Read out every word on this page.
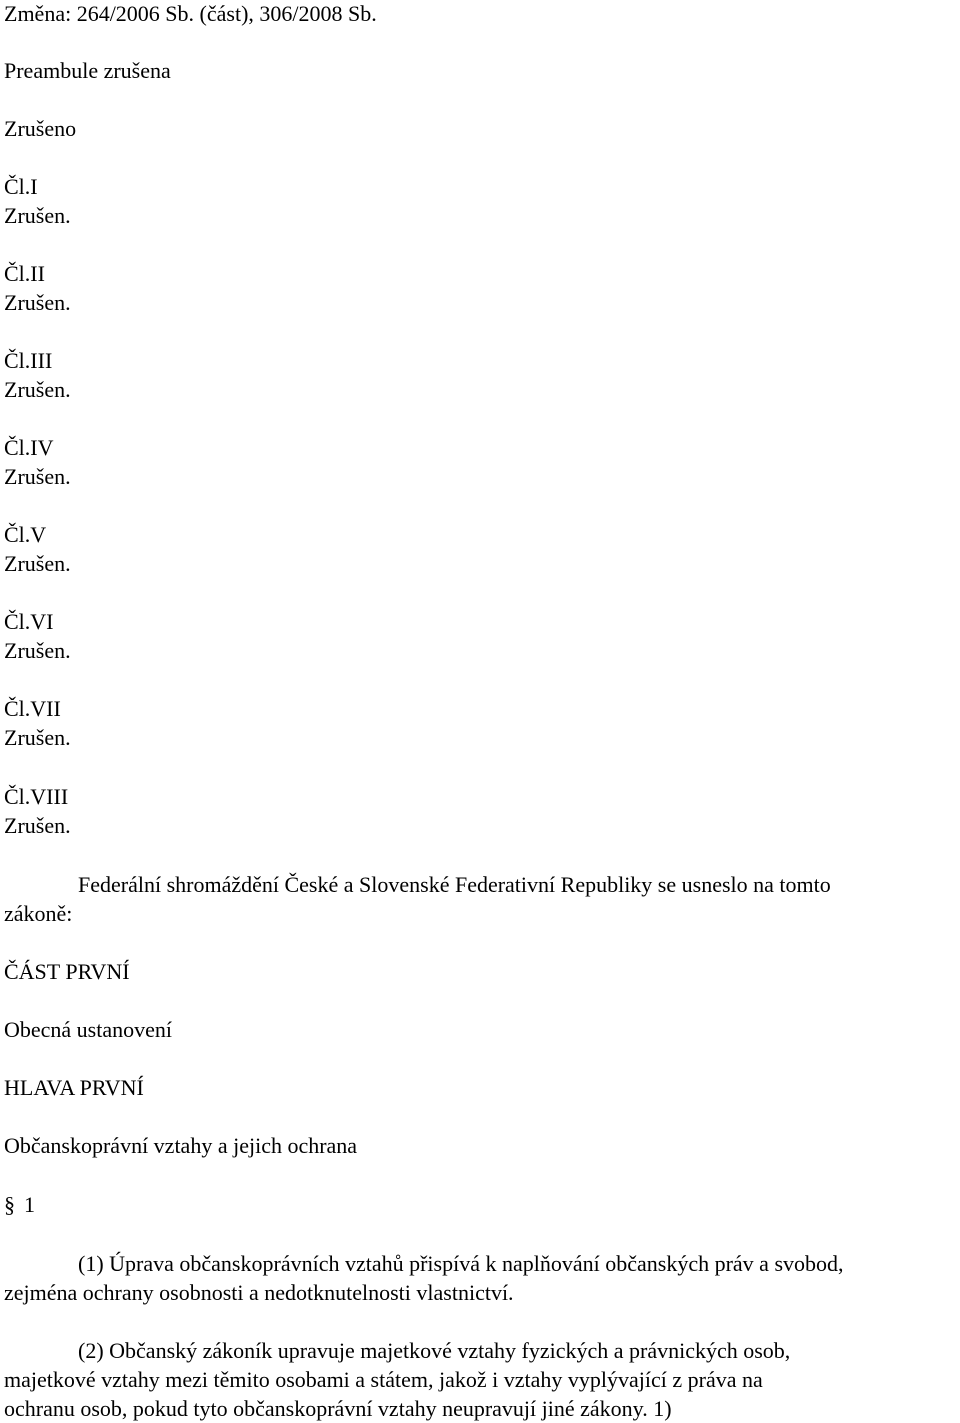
Změna: 264/2006 Sb. (část), 306/2008 Sb.
Preambule zrušena
Zrušeno
Čl.I
Zrušen.
Čl.II
Zrušen.
Čl.III
Zrušen.
Čl.IV
Zrušen.
Čl.V
Zrušen.
Čl.VI
Zrušen.
Čl.VII
Zrušen.
Čl.VIII
Zrušen.
Federální shromáždění České a Slovenské Federativní Republiky se usneslo na tomto
zákoně:
ČÁST PRVNÍ
Obecná ustanovení
HLAVA PRVNÍ
Občanskoprávní vztahy a jejich ochrana
§ 1
(1) Úprava občanskoprávních vztahů přispívá k naplňování občanských práv a svobod,
zejména ochrany osobnosti a nedotknutelnosti vlastnictví.
(2) Občanský zákoník upravuje majetkové vztahy fyzických a právnických osob,
majetkové vztahy mezi těmito osobami a státem, jakož i vztahy vyplývající z práva na
ochranu osob, pokud tyto občanskoprávní vztahy neupravují jiné zákony. 1)
